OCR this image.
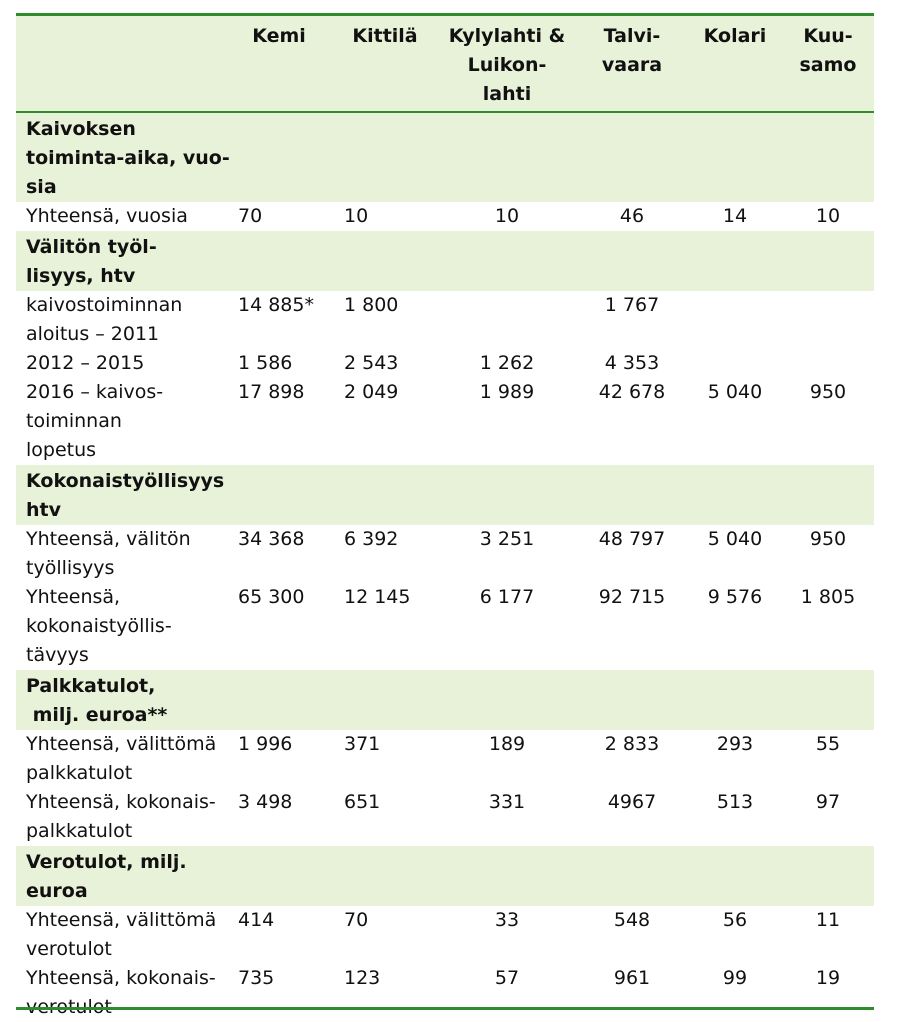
	Kemi	Kittilä	Kylylahti &
Luikon-
lahti	Talvi-
vaara	Kolari	Kuu-
samo

Kaivoksen
toiminta-aika, vuo-
sia						
Yhteensä, vuosia	70	10	10	46	14	10
Välitön työl-
lisyys, htv						
kaivostoiminnan
aloitus – 2011	14 885*	1 800		1 767		
2012 – 2015	1 586	2 543	1 262	4 353		
2016 – kaivos-
toiminnan
lopetus	17 898	2 049	1 989	42 678	5 040	950
Kokonaistyöllisyys
htv						
Yhteensä, välitön
työllisyys	34 368	6 392	3 251	48 797	5 040	950
Yhteensä,
kokonaistyöllis-
tävyys	65 300	12 145	6 177	92 715	9 576	1 805
Palkkatulot,
milj. euroa**						
Yhteensä, välittömä
palkkatulot	1 996	371	189	2 833	293	55
Yhteensä, kokonais-
palkkatulot	3 498	651	331	4967	513	97
Verotulot, milj.
euroa						
Yhteensä, välittömä
verotulot	414	70	33	548	56	11
Yhteensä, kokonais-	735	123	57	961	99	19
